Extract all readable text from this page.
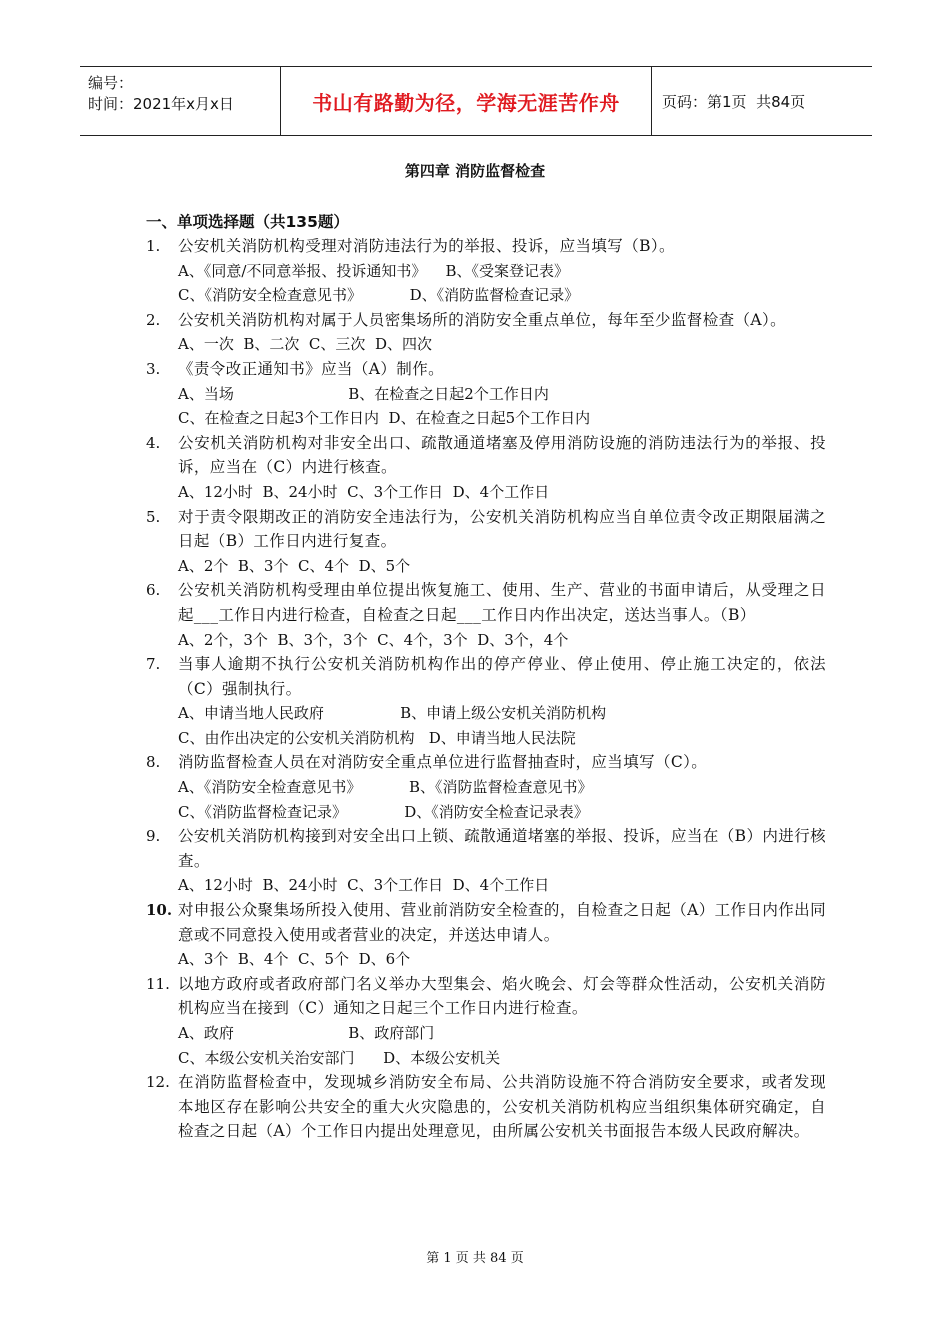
编号：
时间：2021年x月x日	书山有路勤为径，学海无涯苦作舟	页码：第1页  共84页
第四章 消防监督检查
一、单项选择题（共135题）
1. 公安机关消防机构受理对消防违法行为的举报、投诉，应当填写（B）。
A、《同意/不同意举报、投诉通知书》    B、《受案登记表》
C、《消防安全检查意见书》          D、《消防监督检查记录》
2. 公安机关消防机构对属于人员密集场所的消防安全重点单位，每年至少监督检查（A）。
A、一次  B、二次  C、三次  D、四次
3. 《责令改正通知书》应当（A）制作。
A、当场                        B、在检查之日起2个工作日内
C、在检查之日起3个工作日内  D、在检查之日起5个工作日内
4. 公安机关消防机构对非安全出口、疏散通道堵塞及停用消防设施的消防违法行为的举报、投诉，应当在（C）内进行核查。
A、12小时  B、24小时  C、3个工作日  D、4个工作日
5. 对于责令限期改正的消防安全违法行为，公安机关消防机构应当自单位责令改正期限届满之日起（B）工作日内进行复查。
A、2个  B、3个  C、4个  D、5个
6. 公安机关消防机构受理由单位提出恢复施工、使用、生产、营业的书面申请后，从受理之日起___工作日内进行检查，自检查之日起___工作日内作出决定，送达当事人。（B）
A、2个，3个  B、3个，3个  C、4个，3个  D、3个，4个
7. 当事人逾期不执行公安机关消防机构作出的停产停业、停止使用、停止施工决定的，依法（C）强制执行。
A、申请当地人民政府                B、申请上级公安机关消防机构
C、由作出决定的公安机关消防机构   D、申请当地人民法院
8. 消防监督检查人员在对消防安全重点单位进行监督抽查时，应当填写（C）。
A、《消防安全检查意见书》          B、《消防监督检查意见书》
C、《消防监督检查记录》            D、《消防安全检查记录表》
9. 公安机关消防机构接到对安全出口上锁、疏散通道堵塞的举报、投诉，应当在（B）内进行核查。
A、12小时  B、24小时  C、3个工作日  D、4个工作日
10. 对申报公众聚集场所投入使用、营业前消防安全检查的，自检查之日起（A）工作日内作出同意或不同意投入使用或者营业的决定，并送达申请人。
A、3个  B、4个  C、5个  D、6个
11. 以地方政府或者政府部门名义举办大型集会、焰火晚会、灯会等群众性活动，公安机关消防机构应当在接到（C）通知之日起三个工作日内进行检查。
A、政府                        B、政府部门
C、本级公安机关治安部门      D、本级公安机关
12. 在消防监督检查中，发现城乡消防安全布局、公共消防设施不符合消防安全要求，或者发现本地区存在影响公共安全的重大火灾隐患的，公安机关消防机构应当组织集体研究确定，自检查之日起（A）个工作日内提出处理意见，由所属公安机关书面报告本级人民政府解决。
第 1 页 共 84 页
